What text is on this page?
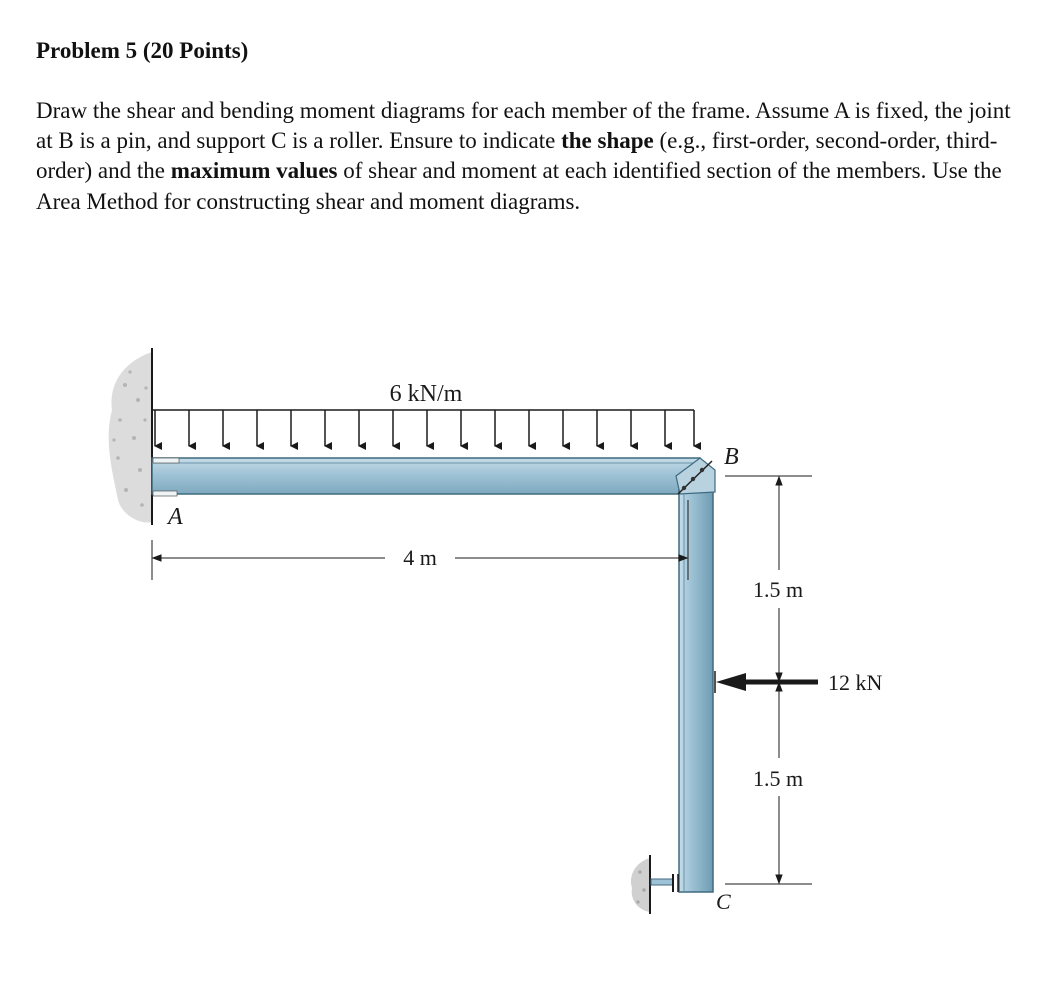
Problem 5 (20 Points)

Draw the shear and bending moment diagrams for each member of the frame. Assume A is fixed, the joint at B is a pin, and support C is a roller. Ensure to indicate the shape (e.g., first-order, second-order, third-order) and the maximum values of shear and moment at each identified section of the members. Use the Area Method for constructing shear and moment diagrams.

6 kN/m
4 m
1.5 m
1.5 m
12 kN
A
B
C
